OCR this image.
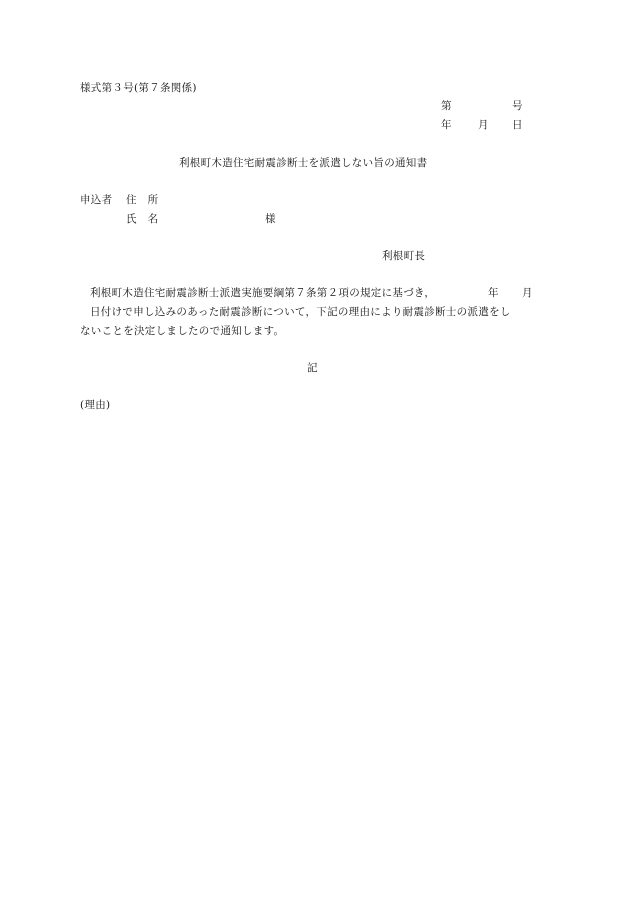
様式第３号(第７条関係)
第	号
年 月 日
利根町木造住宅耐震診断士を派遣しない旨の通知書
申込者 住　所
氏　名	様
利根町長
利根町木造住宅耐震診断士派遣実施要綱第７条第２項の規定に基づき，	年 月
日付けで申し込みのあった耐震診断について，下記の理由により耐震診断士の派遣をし
ないことを決定しましたので通知します。
記
(理由)
